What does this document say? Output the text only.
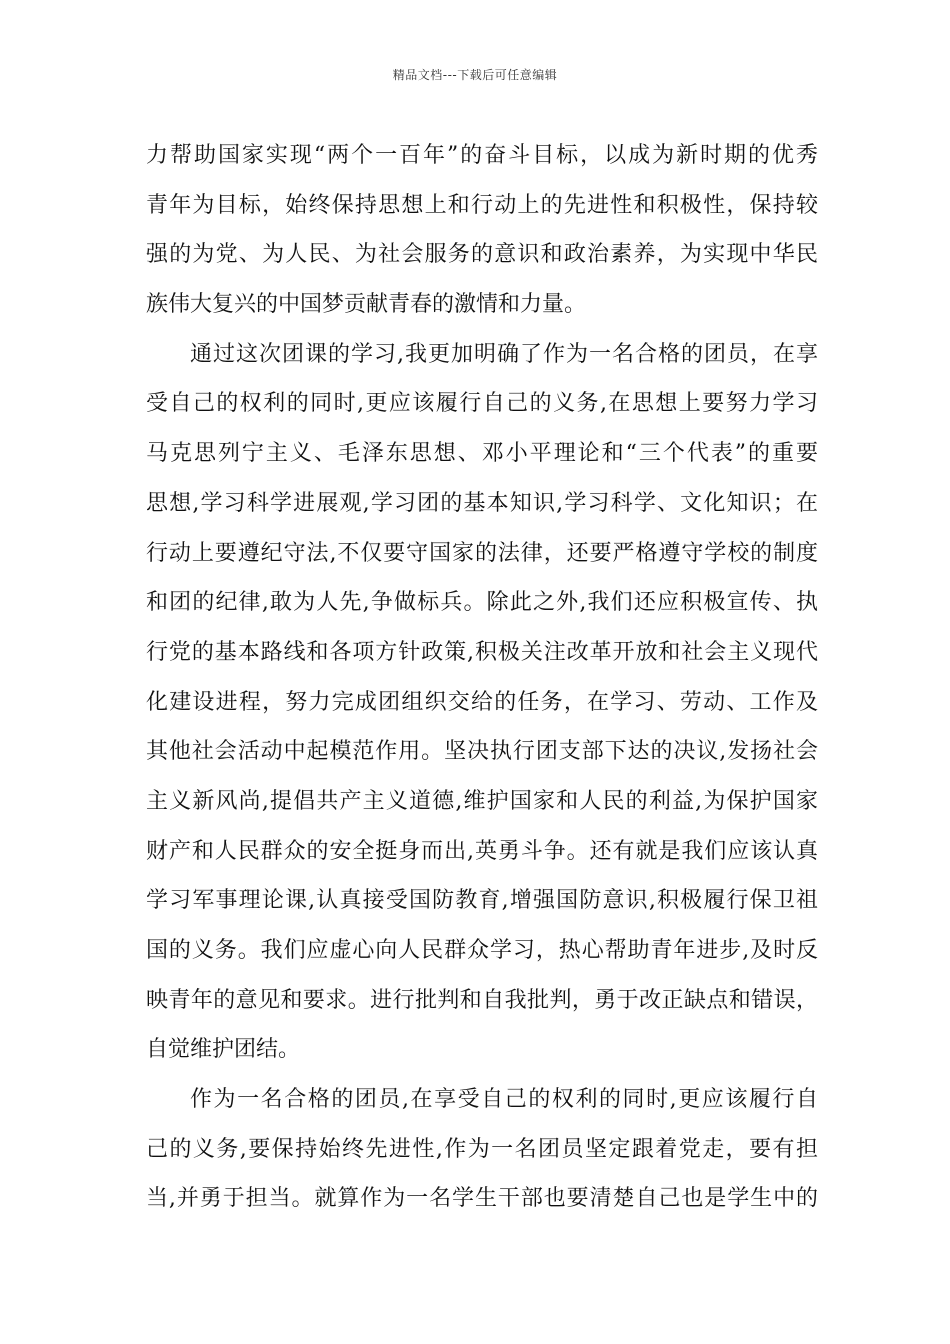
精品文档---下载后可任意编辑
力帮助国家实现“两个一百年”的奋斗目标，以成为新时期的优秀
青年为目标，始终保持思想上和行动上的先进性和积极性，保持较
强的为党、为人民、为社会服务的意识和政治素养，为实现中华民
族伟大复兴的中国梦贡献青春的激情和力量。
通过这次团课的学习,我更加明确了作为一名合格的团员，在享
受自己的权利的同时,更应该履行自己的义务,在思想上要努力学习
马克思列宁主义、毛泽东思想、邓小平理论和“三个代表”的重要
思想,学习科学进展观,学习团的基本知识,学习科学、文化知识；在
行动上要遵纪守法,不仅要守国家的法律，还要严格遵守学校的制度
和团的纪律,敢为人先,争做标兵。除此之外,我们还应积极宣传、执
行党的基本路线和各项方针政策,积极关注改革开放和社会主义现代
化建设进程，努力完成团组织交给的任务，在学习、劳动、工作及
其他社会活动中起模范作用。坚决执行团支部下达的决议,发扬社会
主义新风尚,提倡共产主义道德,维护国家和人民的利益,为保护国家
财产和人民群众的安全挺身而出,英勇斗争。还有就是我们应该认真
学习军事理论课,认真接受国防教育,增强国防意识,积极履行保卫祖
国的义务。我们应虚心向人民群众学习，热心帮助青年进步,及时反
映青年的意见和要求。进行批判和自我批判，勇于改正缺点和错误，
自觉维护团结。
作为一名合格的团员,在享受自己的权利的同时,更应该履行自
己的义务,要保持始终先进性,作为一名团员坚定跟着党走，要有担
当,并勇于担当。就算作为一名学生干部也要清楚自己也是学生中的
